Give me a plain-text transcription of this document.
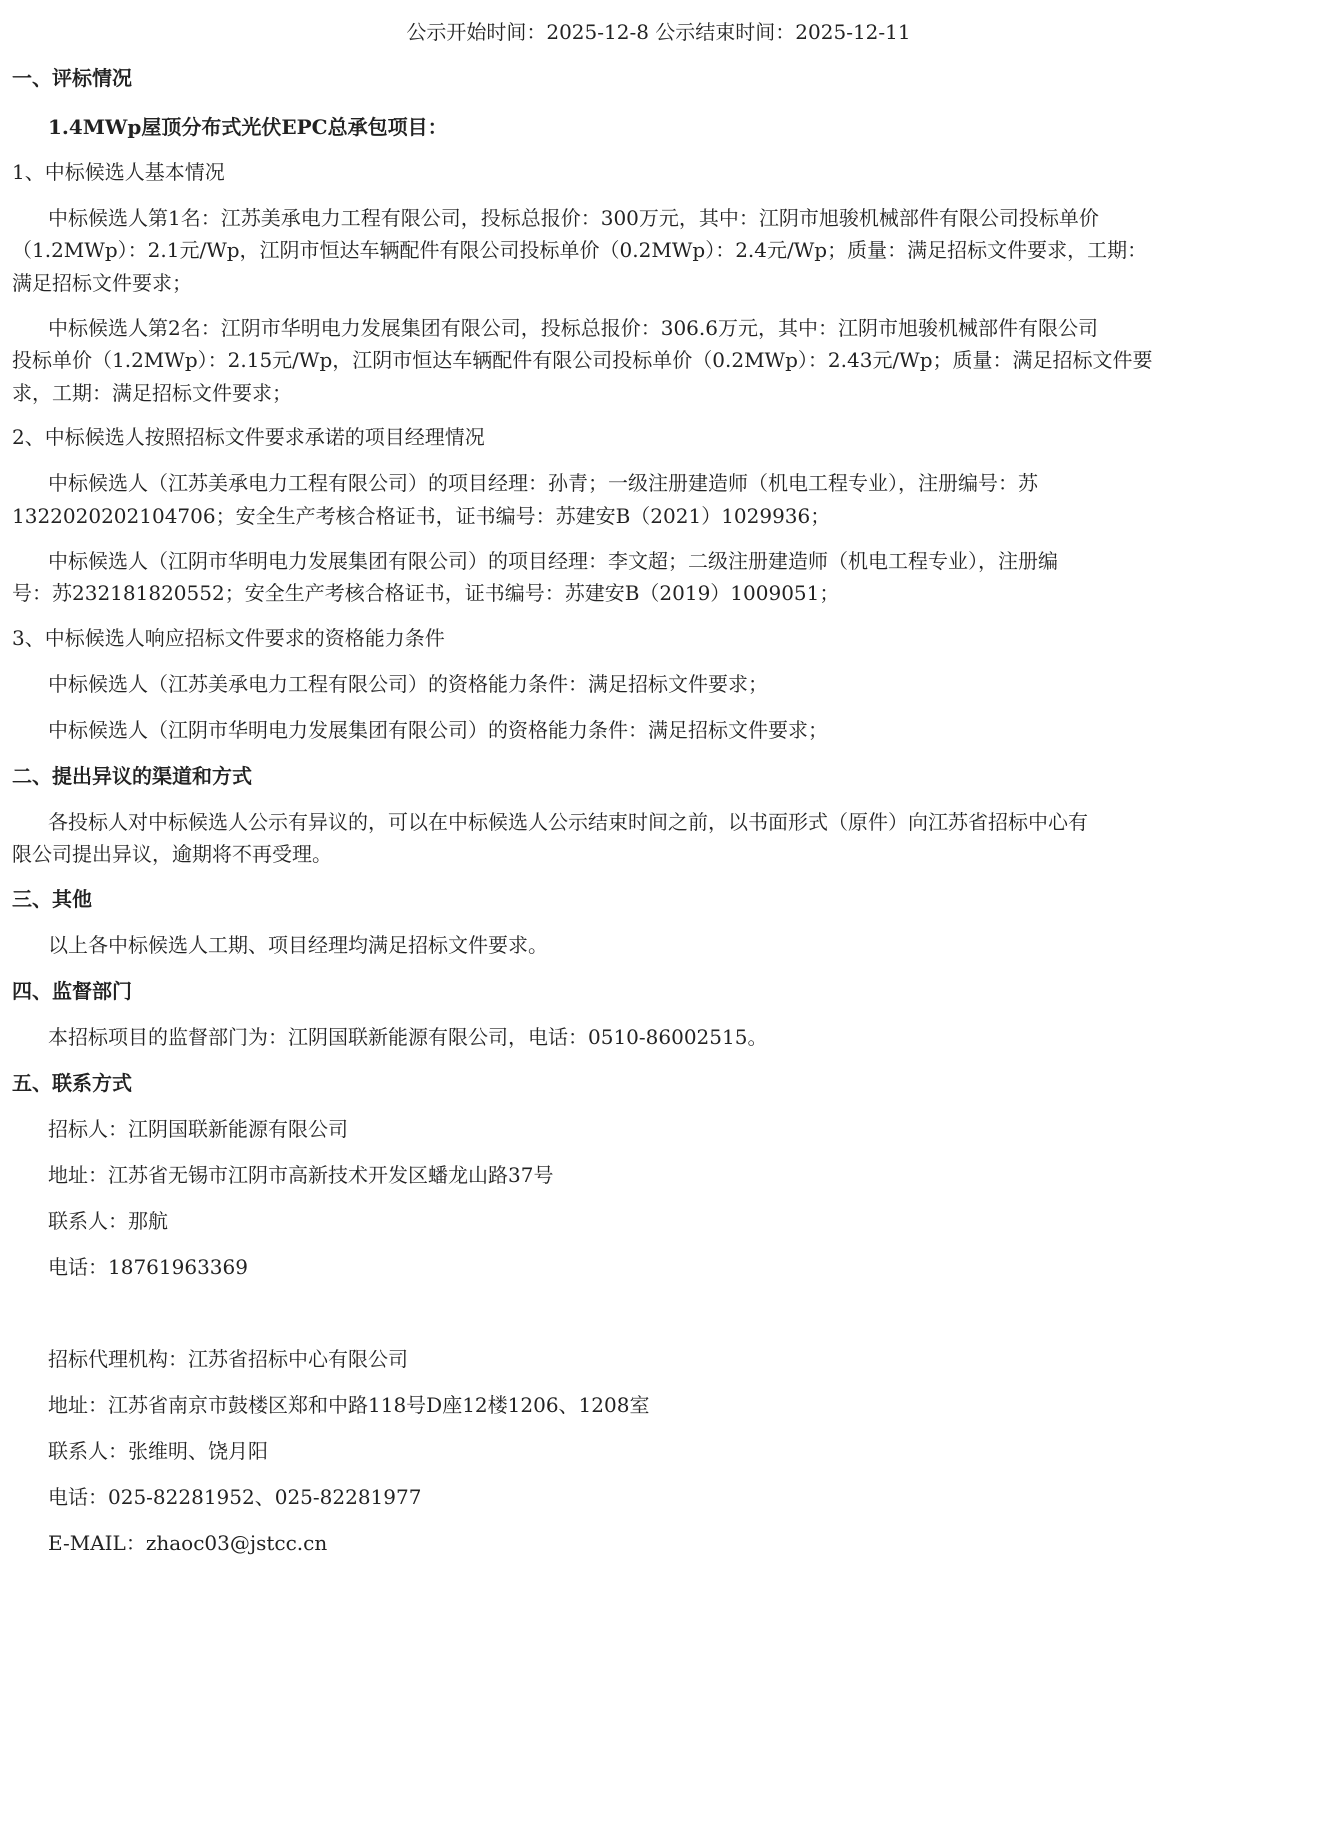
公示开始时间：2025-12-8 公示结束时间：2025-12-11
一、评标情况
1.4MWp屋顶分布式光伏EPC总承包项目：
1、中标候选人基本情况
中标候选人第1名：江苏美承电力工程有限公司，投标总报价：300万元，其中：江阴市旭骏机械部件有限公司投标单价
（1.2MWp）：2.1元/Wp，江阴市恒达车辆配件有限公司投标单价（0.2MWp）：2.4元/Wp；质量：满足招标文件要求，工期：
满足招标文件要求；
中标候选人第2名：江阴市华明电力发展集团有限公司，投标总报价：306.6万元，其中：江阴市旭骏机械部件有限公司
投标单价（1.2MWp）：2.15元/Wp，江阴市恒达车辆配件有限公司投标单价（0.2MWp）：2.43元/Wp；质量：满足招标文件要
求，工期：满足招标文件要求；
2、中标候选人按照招标文件要求承诺的项目经理情况
中标候选人（江苏美承电力工程有限公司）的项目经理：孙青；一级注册建造师（机电工程专业），注册编号：苏
1322020202104706；安全生产考核合格证书，证书编号：苏建安B（2021）1029936；
中标候选人（江阴市华明电力发展集团有限公司）的项目经理：李文超；二级注册建造师（机电工程专业），注册编
号：苏232181820552；安全生产考核合格证书，证书编号：苏建安B（2019）1009051；
3、中标候选人响应招标文件要求的资格能力条件
中标候选人（江苏美承电力工程有限公司）的资格能力条件：满足招标文件要求；
中标候选人（江阴市华明电力发展集团有限公司）的资格能力条件：满足招标文件要求；
二、提出异议的渠道和方式
各投标人对中标候选人公示有异议的，可以在中标候选人公示结束时间之前，以书面形式（原件）向江苏省招标中心有
限公司提出异议，逾期将不再受理。
三、其他
以上各中标候选人工期、项目经理均满足招标文件要求。
四、监督部门
本招标项目的监督部门为：江阴国联新能源有限公司，电话：0510-86002515。
五、联系方式
招标人：江阴国联新能源有限公司
地址：江苏省无锡市江阴市高新技术开发区蟠龙山路37号
联系人：那航
电话：18761963369
招标代理机构：江苏省招标中心有限公司
地址：江苏省南京市鼓楼区郑和中路118号D座12楼1206、1208室
联系人：张维明、饶月阳
电话：025-82281952、025-82281977
E-MAIL：zhaoc03@jstcc.cn
